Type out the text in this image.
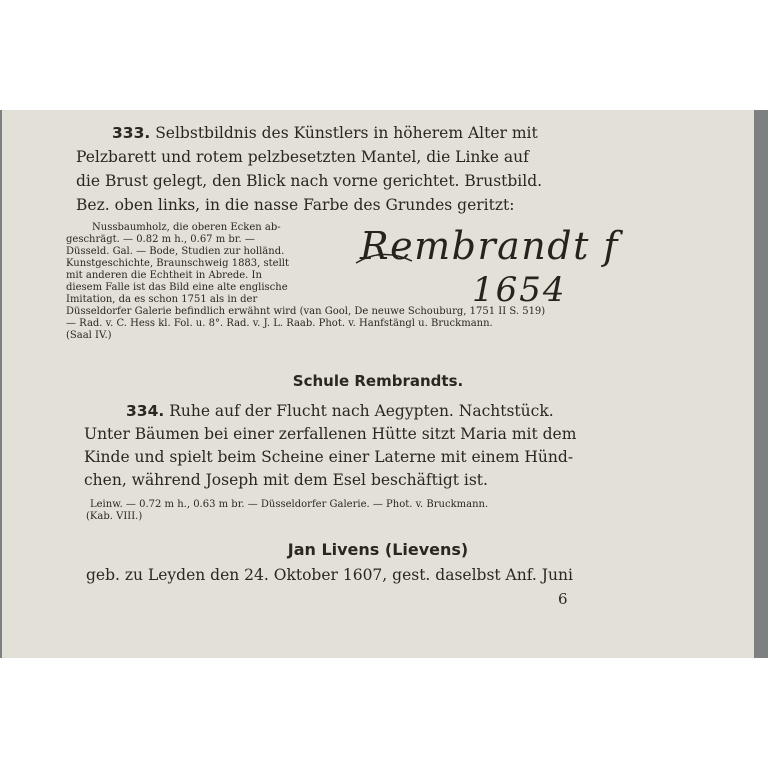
333. Selbstbildnis des Künstlers in höherem Alter mit
Pelzbarett und rotem pelzbesetzten Mantel, die Linke auf
die Brust gelegt, den Blick nach vorne gerichtet. Brustbild.
Bez. oben links, in die nasse Farbe des Grundes geritzt:
Nussbaumholz, die oberen Ecken ab-
geschrägt. — 0.82 m h., 0.67 m br. —
Düsseld. Gal. — Bode, Studien zur holländ.
Kunstgeschichte, Braunschweig 1883, stellt
mit anderen die Echtheit in Abrede. In
diesem Falle ist das Bild eine alte englische
Imitation, da es schon 1751 als in der
Düsseldorfer Galerie befindlich erwähnt wird (van Gool, De neuwe Schouburg, 1751 II S. 519)
— Rad. v. C. Hess kl. Fol. u. 8°. Rad. v. J. L. Raab. Phot. v. Hanfstängl u. Bruckmann.
(Saal IV.)
Rembrandt f
1654
Schule Rembrandts.
334. Ruhe auf der Flucht nach Aegypten. Nachtstück.
Unter Bäumen bei einer zerfallenen Hütte sitzt Maria mit dem
Kinde und spielt beim Scheine einer Laterne mit einem Hünd-
chen, während Joseph mit dem Esel beschäftigt ist.
Leinw. — 0.72 m h., 0.63 m br. — Düsseldorfer Galerie. — Phot. v. Bruckmann.
(Kab. VIII.)
Jan Livens (Lievens)
geb. zu Leyden den 24. Oktober 1607, gest. daselbst Anf. Juni
6
